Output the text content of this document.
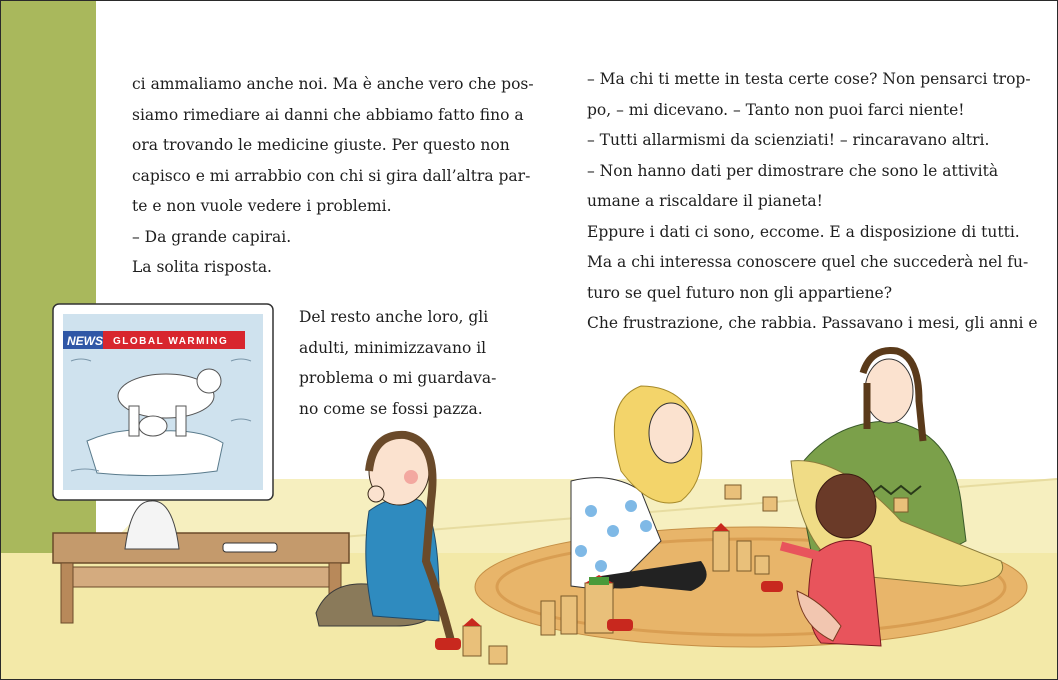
NEWS GLOBAL WARMING

ci ammaliamo anche noi. Ma è anche vero che pos-

siamo rimediare ai danni che abbiamo fatto fino a

ora trovando le medicine giuste. Per questo non

capisco e mi arrabbio con chi si gira dall’altra par-

te e non vuole vedere i problemi.

– Da grande capirai.

La solita risposta.

Del resto anche loro, gli

adulti, minimizzavano il

problema o mi guardava-

no come se fossi pazza.

– Ma chi ti mette in testa certe cose? Non pensarci trop-

po, – mi dicevano. – Tanto non puoi farci niente!

– Tutti allarmismi da scienziati! – rincaravano altri.

– Non hanno dati per dimostrare che sono le attività

umane a riscaldare il pianeta!

Eppure i dati ci sono, eccome. E a disposizione di tutti.

Ma a chi interessa conoscere quel che succederà nel fu-

turo se quel futuro non gli appartiene?

Che frustrazione, che rabbia. Passavano i mesi, gli anni e
